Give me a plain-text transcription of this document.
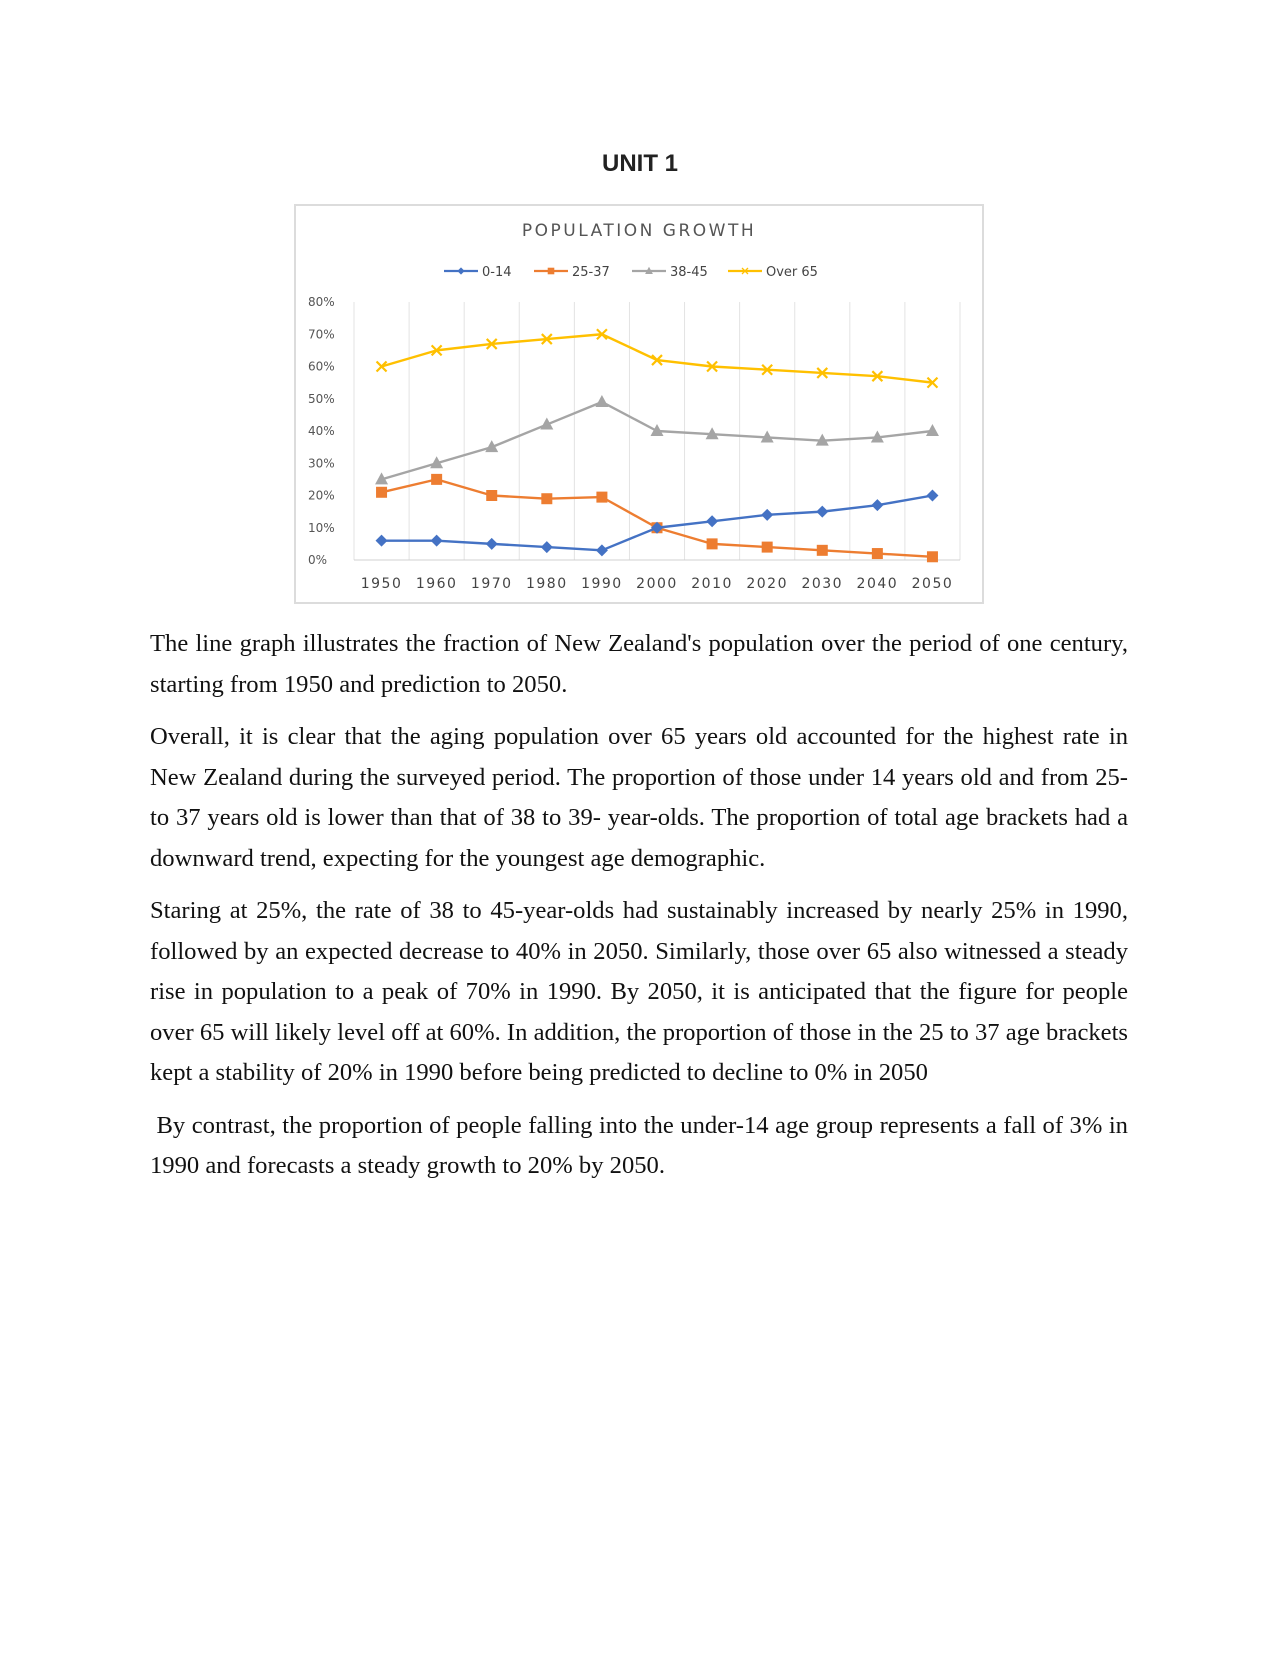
UNIT 1
POPULATION GROWTH
0-14	25-37	38-45	Over 65
0%
10%
20%
30%
40%
50%
60%
70%
80%
1950 1960 1970 1980 1990 2000 2010 2020 2030 2040 2050

The line graph illustrates the fraction of New Zealand's population over the period of one century, starting from 1950 and prediction to 2050.

Overall, it is clear that the aging population over 65 years old accounted for the highest rate in New Zealand during the surveyed period. The proportion of those under 14 years old and from 25- to 37 years old is lower than that of 38 to 39- year-olds. The proportion of total age brackets had a downward trend, expecting for the youngest age demographic.

Staring at 25%, the rate of 38 to 45-year-olds had sustainably increased by nearly 25% in 1990, followed by an expected decrease to 40% in 2050. Similarly, those over 65 also witnessed a steady rise in population to a peak of 70% in 1990. By 2050, it is anticipated that the figure for people over 65 will likely level off at 60%. In addition, the proportion of those in the 25 to 37 age brackets kept a stability of 20% in 1990 before being predicted to decline to 0% in 2050

By contrast, the proportion of people falling into the under-14 age group represents a fall of 3% in 1990 and forecasts a steady growth to 20% by 2050.
